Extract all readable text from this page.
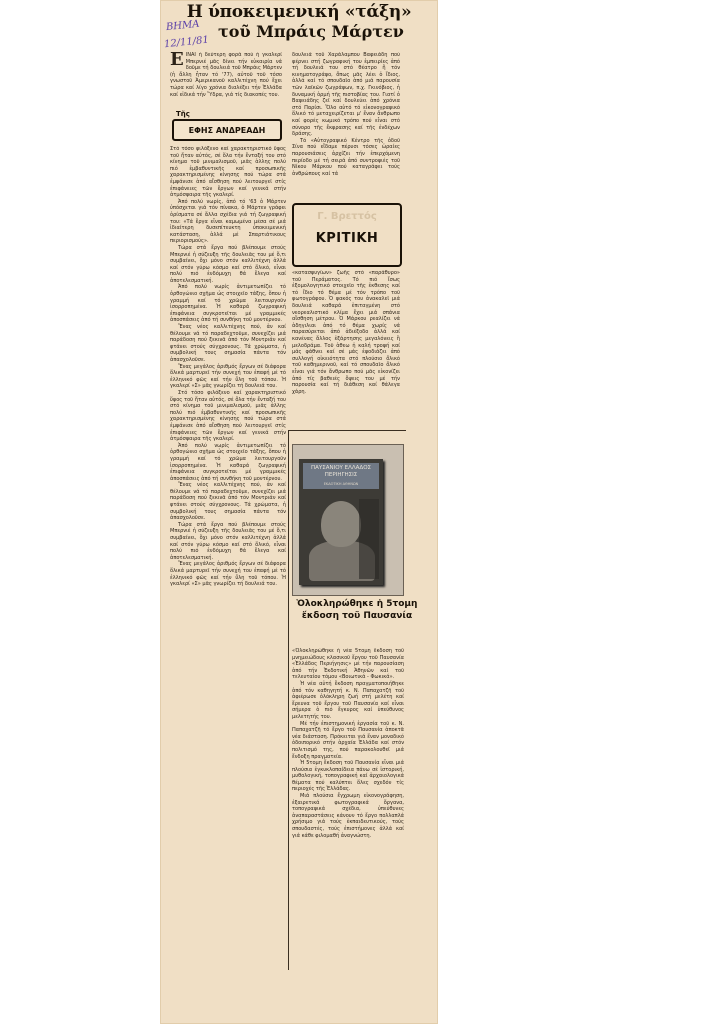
Η ύποκειμενική «τάξη»
τοῦ Μπράις Μάρτεν
ΒΗΜΑ
12/11/81
Ε ΙΝΑΙ ἡ δεύτερη φορά πού ἡ γκαλερί Μπερνιέ μᾶς δίνει τήν εὐκαιρία νά δοῦμε τή δουλειά τοῦ Μπράις Μάρτεν (ἡ ἄλλη ἦταν τό '77), αὐτοῦ τοῦ τόσο γνωστοῦ Ἀμερικανοῦ καλλιτέχνη πού ἔχει τώρα καί λίγο χρόνια διαλέξει τήν Ἑλλάδα καί εἰδικά τήν Ὕδρα, γιά τίς διακοπές του.
Τῆς
ΕΦΗΣ ΑΝΔΡΕΑΔΗ

Στό τόσο φιλόξενο καί χαρακτηριστικό ὕφος τοῦ ἤταν αὐτός, σέ ὅλα τήν ἔνταξή του στό κίνημα τοῦ μινιμαλισμοῦ, μιᾶς ἀλλης πολύ πιό ἐμβαθυντικῆς καί προσωπικῆς χαρακτηρισμένης κίνησης πού τώρα στά ἐμφάνισε ἀπό αἴσθηση πού λειτουργεῖ στίς ἐπιφάνειες τῶν ἔργων καί γενικά στήν ἀτμόσφαιρα τῆς γκαλερί.

Ἀπό πολύ νωρίς, ἀπό τό '63 ὁ Μάρτεν ὑπόσχεται γιά τόν πίνακα, ὁ Μάρτεν γράφει ὁρίσματα σέ ἄλλα σχέδια γιά τή ζωγραφική του: «Τά ἔργα εἶναι καμωμένα μέσα σέ μιά ἰδιαίτερη δυσεπίτευκτη ὑποκειμενική κατάσταση, ἀλλά μέ Σπαρτιάτικους περιορισμούς».

Τώρα στά ἔργα πού βλέπουμε στούς Μπερνιέ ἡ σύζευξη τῆς δουλειᾶς του μέ ὅ,τι συμβαίνει, ὄχι μόνο στόν καλλιτέχνη ἀλλά καί στόν γύρω κόσμο καί στό ὅλικό, εἶναι πολύ πιό ἐνδόμυχη θά ἔλεγα καί ἀποτελεσματική.

Ἀπό πολύ νωρίς ἀντιμετωπίζει τό ὀρθογώνιο σχῆμα ὡς στοιχεῖο τάξης, ὅπου ἡ γραμμή καί τό χρῶμα λειτουργοῦν ἰσορροπημένα. Ἡ καθαρά ζωγραφική ἐπιφάνεια συγκροτεῖται μέ γραμμικές ἀποσπάσεις ἀπό τή συνθήκη τοῦ μοντέρνου.

Ἕνας νέος καλλιτέχνης πού, ἀν καί θέλουμε νά τό παραδεχτοῦμε, συνεχίζει μιά παράδοση πού ξεκινᾶ ἀπό τόν Μοντριάν καί φτάνει στούς σύγχρονους. Τά χρώματα, ἡ συμβολική τους σημασία πάντα τόν ἀπασχολοῦσε.

Ἕνας μεγάλος ἀριθμός ἔργων σέ διάφορα ὅλικά μαρτυρεῖ τήν συνεχή του ἐπαφή μέ τό ἑλληνικό φῶς καί τήν ὕλη τοῦ τόπου. Ἡ γκαλερί «Σ» μᾶς γνωρίζει τή δουλειά του.

Στό τόσο φιλόξενο καί χαρακτηριστικό ὕφος τοῦ ἤταν αὐτός, σέ ὅλα τήν ἔνταξή του στό κίνημα τοῦ μινιμαλισμοῦ, μιᾶς ἀλλης πολύ πιό ἐμβαθυντικῆς καί προσωπικῆς χαρακτηρισμένης κίνησης πού τώρα στά ἐμφάνισε ἀπό αἴσθηση πού λειτουργεῖ στίς ἐπιφάνειες τῶν ἔργων καί γενικά στήν ἀτμόσφαιρα τῆς γκαλερί.

Ἀπό πολύ νωρίς ἀντιμετωπίζει τό ὀρθογώνιο σχῆμα ὡς στοιχεῖο τάξης, ὅπου ἡ γραμμή καί τό χρῶμα λειτουργοῦν ἰσορροπημένα. Ἡ καθαρά ζωγραφική ἐπιφάνεια συγκροτεῖται μέ γραμμικές ἀποσπάσεις ἀπό τή συνθήκη τοῦ μοντέρνου.

Ἕνας νέος καλλιτέχνης πού, ἀν καί θέλουμε νά τό παραδεχτοῦμε, συνεχίζει μιά παράδοση πού ξεκινᾶ ἀπό τόν Μοντριάν καί φτάνει στούς σύγχρονους. Τά χρώματα, ἡ συμβολική τους σημασία πάντα τόν ἀπασχολοῦσε.

Τώρα στά ἔργα πού βλέπουμε στούς Μπερνιέ ἡ σύζευξη τῆς δουλειᾶς του μέ ὅ,τι συμβαίνει, ὄχι μόνο στόν καλλιτέχνη ἀλλά καί στόν γύρω κόσμο καί στό ὅλικό, εἶναι πολύ πιό ἐνδόμυχη θά ἔλεγα καί ἀποτελεσματική.

Ἕνας μεγάλος ἀριθμός ἔργων σέ διάφορα ὅλικά μαρτυρεῖ τήν συνεχή του ἐπαφή μέ τό ἑλληνικό φῶς καί τήν ὕλη τοῦ τόπου. Ἡ γκαλερί «Σ» μᾶς γνωρίζει τή δουλειά του.

δουλειά τοῦ Χαράλαμπου Βαφειάδη πού φέρνει στή ζωγραφική του ἐμπειρίες ἀπό τή δουλειά του στό θέατρο ἢ τόν κινηματογράφο, ὅπως μᾶς λέει ὁ ἴδιος, ἀλλά καί τό σπουδαῖο ἀπό μιά παρουσία τῶν λαϊκῶν ζωγράφων, π.χ. Γκινόβιος, ἡ δυναμική ὁρμή τῆς πιστοβίας του. Γιατί ὁ Βαφειάδης ζεῖ καί δουλεύει ἀπό χρόνια στό Παρίσι. Ὅλο αὐτό τό εἰκονογραφικό ὅλικό τό μεταχειρίζεται μ' ἕναν ἄνθρωπο καί φορές κωμικό τρόπο πού εἶναι στό σύνορο τῆς ἔκφρασης καί τῆς ἐνδέχων δράσης.

Τό «Αὐτογραφικό Κέντρο τῆς ὁδοῦ Σίνα πού εἴδαμε πέρυσι τόσες ὡραίες παρουσιάσεις ἀρχίζει τήν ἐπερχόμενη περίοδο μέ τή σειρά ἀπό συντροφιές τοῦ Νίκου Μάρκου πού καταγράφει τούς ἀνθρώπους καί τά

Γ. Βρεττός
ΚΡΙΤΙΚΗ

«κατασφυγίων» ζωῆς στό «παράθυρο» τοῦ Περάματος. Τό πιό ἴσως ἐξομολογητικό στοιχεῖο τῆς ἐκθεσης καί τό ἴδιο τό θέμα μέ τόν τρόπο τοῦ φωτογράφου. Ὁ φακός του ἀνακαλεῖ μιά δουλειά καθαρά ἐπιταγμένη στό νεορεαλιστικό κλίμα ἔχει μιά σπάνια αἴσθηση μέτρου. Ὁ Μάρκου ρεαλίζει νά ἀδηγιλιαι ἀπό τό θέμα χωρίς νά παρασύρεται ἀπό ἀδιέξοδο ἀλλά καί κανένας ἄλλος ἐξάρτησης μεγαλόνεις ἢ μελοδράμα. Τοῦ ἀθεω ἡ καλή τροφή καί μάς φάθνει καί σέ μάς ἐφοδιάζει ἀπό συλλογή οἰκειότητα στό πλούσιο ὅλικό τοῦ καθημερινοῦ, καί τό σπουδαῖο ὅλικό εἶναι γιά τόν ἄνθρωπο πού μᾶς εἰκονίζει ἀπό τίς βαθειές ὄψεις του μέ τήν παρουσία καί τή διάθεση καί θάλεγα χάρη.

ΠΑΥΣΑΝΙΟΥ ΕΛΛΑΔΟΣ ΠΕΡΙΗΓΗΣΙΣ
ΕΚΔΟΤΙΚΗ ΑΘΗΝΩΝ
Ὁλοκληρώθηκε ἡ 5τομη ἔκδοση τοῦ Παυσανία

«Ὁλοκληρώθηκε ἡ νέα 5τομη ἔκδοση τοῦ μνημειώδους κλασικοῦ ἔργου τοῦ Παυσανία «Ἑλλάδος Περιήγησις» μέ τήν παρουσίαση ἀπό τήν Ἐκδοτική Ἀθηνῶν καί τοῦ τελευταίου τόμου «Βοιωτικά - Φωκικά».

Ἡ νέα αὐτή ἔκδοση πραγματοποιήθηκε ἀπό τόν καθηγητή κ. Ν. Παπαχατζῆ τοῦ ἀφιέρωσε ὁλόκληρη ζωή στή μελέτη καί ἔρευνα τοῦ ἔργου τοῦ Παυσανία καί εἶναι σήμερα ὁ πιό ἔγκυρος καί ὑπεύθυνος μελετητής του.

Μέ τήν ἐπιστημονική ἐργασία τοῦ κ. Ν. Παπαχατζῆ τό ἔργο τοῦ Παυσανία ἀποκτᾶ νέα διάσταση. Πρόκειται γιά ἕναν μοναδικό ὁδοιπορικό στήν ἀρχαία Ἑλλάδα καί στόν πολιτισμό της, πού παρακολουθεῖ μιά ἔνδοξη πραγματεία.

Ἡ 5τομη ἔκδοση τοῦ Παυσανία εἶναι μιά πλούσια ἐγκυκλοπαίδεια πάνω σέ ἱστορική, μυθολογική, τοπογραφική καί ἀρχαιολογικά θέματα πού καλύπτει ὅλες σχεδόν τίς περιοχές τῆς Ἑλλάδας.

Μιά πλούσια ἔγχρωμη εἰκονογράφηση, ἐξαιρετικά φωτογραφικά ὄργανα, τοπογραφικά σχέδια, ὑπεύθυνες ἀναπαραστάσεις κάνουν τό ἔργο πολλαπλά χρήσιμο γιά τούς ἐκπαιδευτικούς, τούς σπουδαστές, τούς ἐπιστήμονες ἀλλά καί γιά κάθε φιλομαθή ἀναγνώστη.
